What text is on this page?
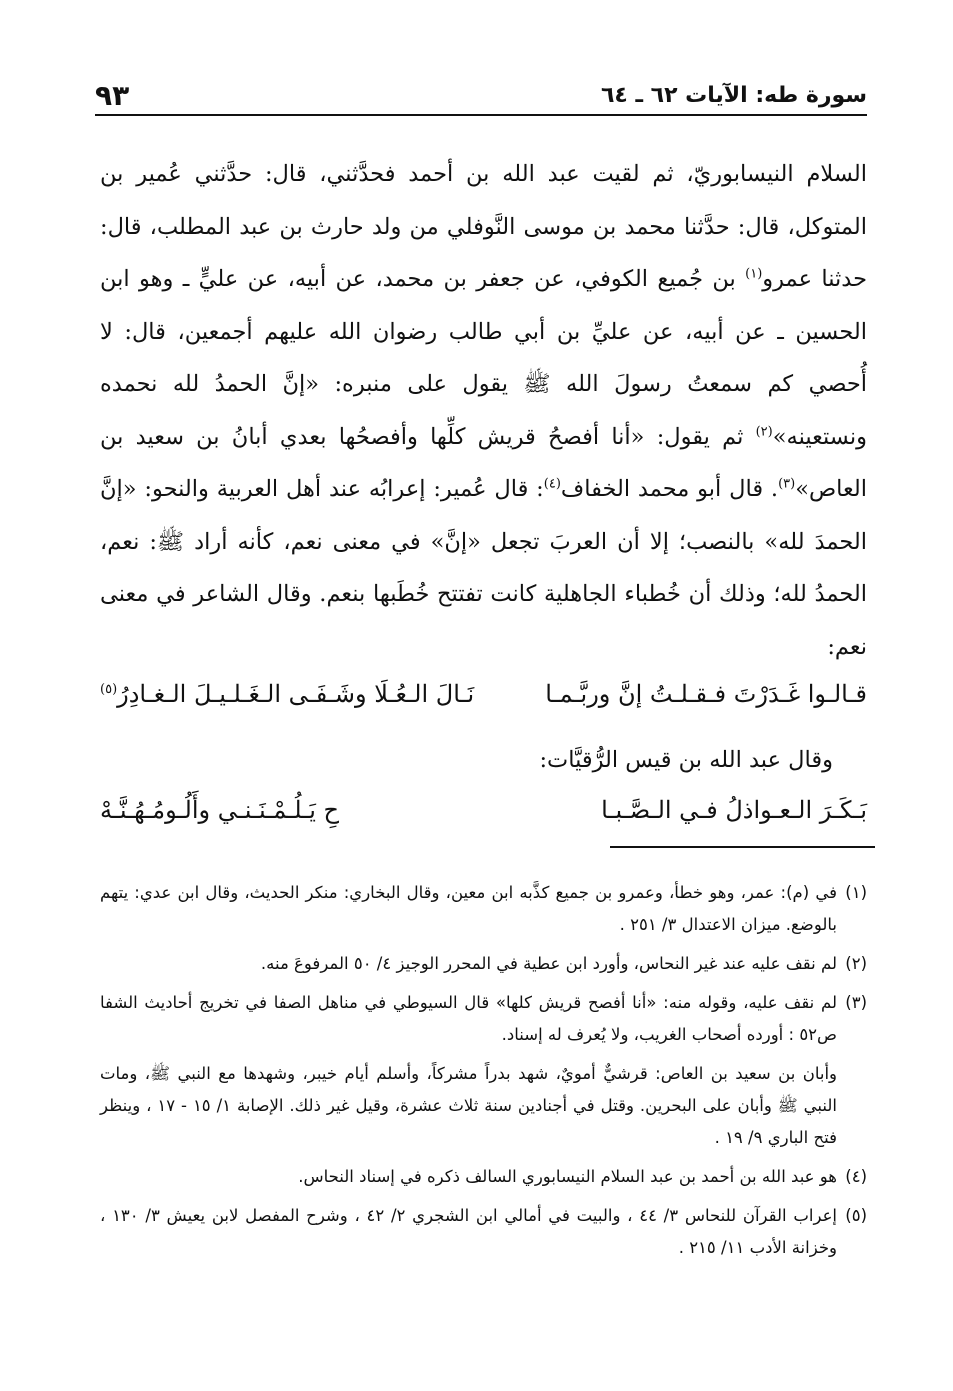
سورة طه: الآيات ٦٢ ـ ٦٤
٩٣

السلام النيسابوريّ، ثم لقيت عبد الله بن أحمد فحدَّثني، قال: حدَّثني عُمير بن المتوكل، قال: حدَّثنا محمد بن موسى النَّوفلي من ولد حارث بن عبد المطلب، قال: حدثنا عمرو$^{(١)}$ بن جُميع الكوفي، عن جعفر بن محمد، عن أبيه، عن عليٍّ ـ وهو ابن الحسين ـ عن أبيه، عن عليِّ بن أبي طالب رضوان الله عليهم أجمعين، قال: لا أُحصي كم سمعتُ رسولَ الله ﷺ يقول على منبره: «إنَّ الحمدُ لله نحمده ونستعينه»$^{(٢)}$ ثم يقول: «أنا أفصحُ قريش كلِّها وأفصحُها بعدي أبانُ بن سعيد بن العاص»$^{(٣)}$. قال أبو محمد الخفاف$^{(٤)}$: قال عُمير: إعرابُه عند أهل العربية والنحو: «إنَّ الحمدَ لله» بالنصب؛ إلا أن العربَ تجعل «إنَّ» في معنى نعم، كأنه أراد ﷺ: نعم، الحمدُ لله؛ وذلك أن خُطباء الجاهلية كانت تفتتح خُطَبها بنعم. وقال الشاعر في معنى نعم:

قـالـوا غَـدَرْتَ فـقـلـتُ إنَّ وربَّـمـا
نَـالَ الـعُـلَا وشَـفَـى الـغَـلـيـلَ الـغـادِرُ$^{(٥)}$
وقال عبد الله بن قيس الرُّقيَّات:
بَـكَـرَ الـعـواذلُ فـي الـصَّـبـا
حِ يَـلُـمْـنَـنـي وأَلُـومُـهُـنَّـهْ
(١)
في (م): عمر، وهو خطأ، وعمرو بن جميع كذَّبه ابن معين، وقال البخاري: منكر الحديث، وقال ابن عدي: يتهم بالوضع. ميزان الاعتدال ٣/ ٢٥١ .
(٢)
لم نقف عليه عند غير النحاس، وأورد ابن عطية في المحرر الوجيز ٤/ ٥٠ المرفوعَ منه.
(٣)
لم نقف عليه، وقوله منه: «أنا أفصح قريش كلها» قال السيوطي في مناهل الصفا في تخريج أحاديث الشفا ص٥٢ : أورده أصحاب الغريب، ولا يُعرف له إسناد.
وأبان بن سعيد بن العاص: قرشيٌّ أمويٌ، شهد بدراً مشركاً، وأسلم أيام خيبر، وشهدها مع النبي ﷺ، ومات النبي ﷺ وأبان على البحرين. وقتل في أجنادين سنة ثلاث عشرة، وقيل غير ذلك. الإصابة ١/ ١٥ - ١٧ ، وينظر فتح الباري ٩/ ١٩ .
(٤)
هو عبد الله بن أحمد بن عبد السلام النيسابوري السالف ذكره في إسناد النحاس.
(٥)
إعراب القرآن للنحاس ٣/ ٤٤ ، والبيت في أمالي ابن الشجري ٢/ ٤٢ ، وشرح المفصل لابن يعيش ٣/ ١٣٠ ، وخزانة الأدب ١١/ ٢١٥ .
